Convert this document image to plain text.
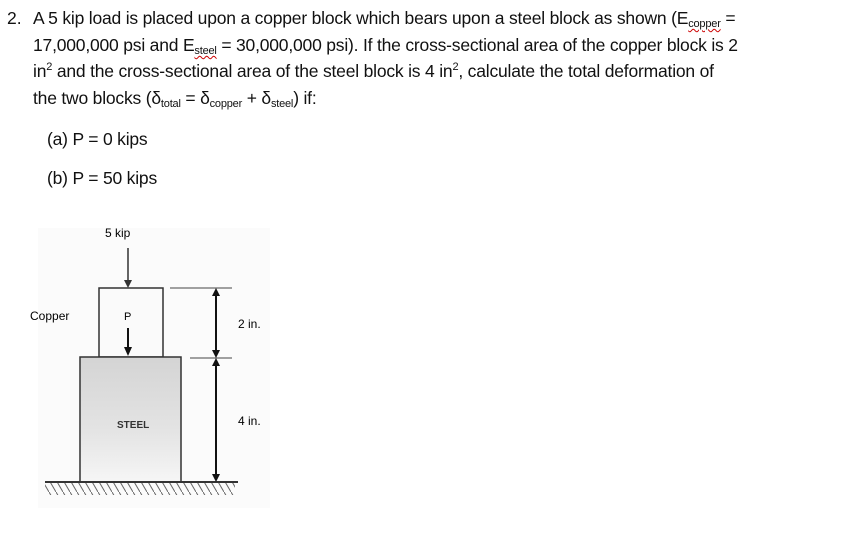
2. A 5 kip load is placed upon a copper block which bears upon a steel block as shown ($E_{copper}$ =
17,000,000 psi and $E_{steel} = 30,000,000$ psi). If the cross-sectional area of the copper block is 2
$in^2$ and the cross-sectional area of the steel block is 4 $in^2$, calculate the total deformation of
the two blocks $(\delta_{total} = \delta_{copper} + \delta_{steel})$ if:
(a) P = 0 kips
(b) P = 50 kips
5 kip
Copper	P
STEEL
2 in.
4 in.
